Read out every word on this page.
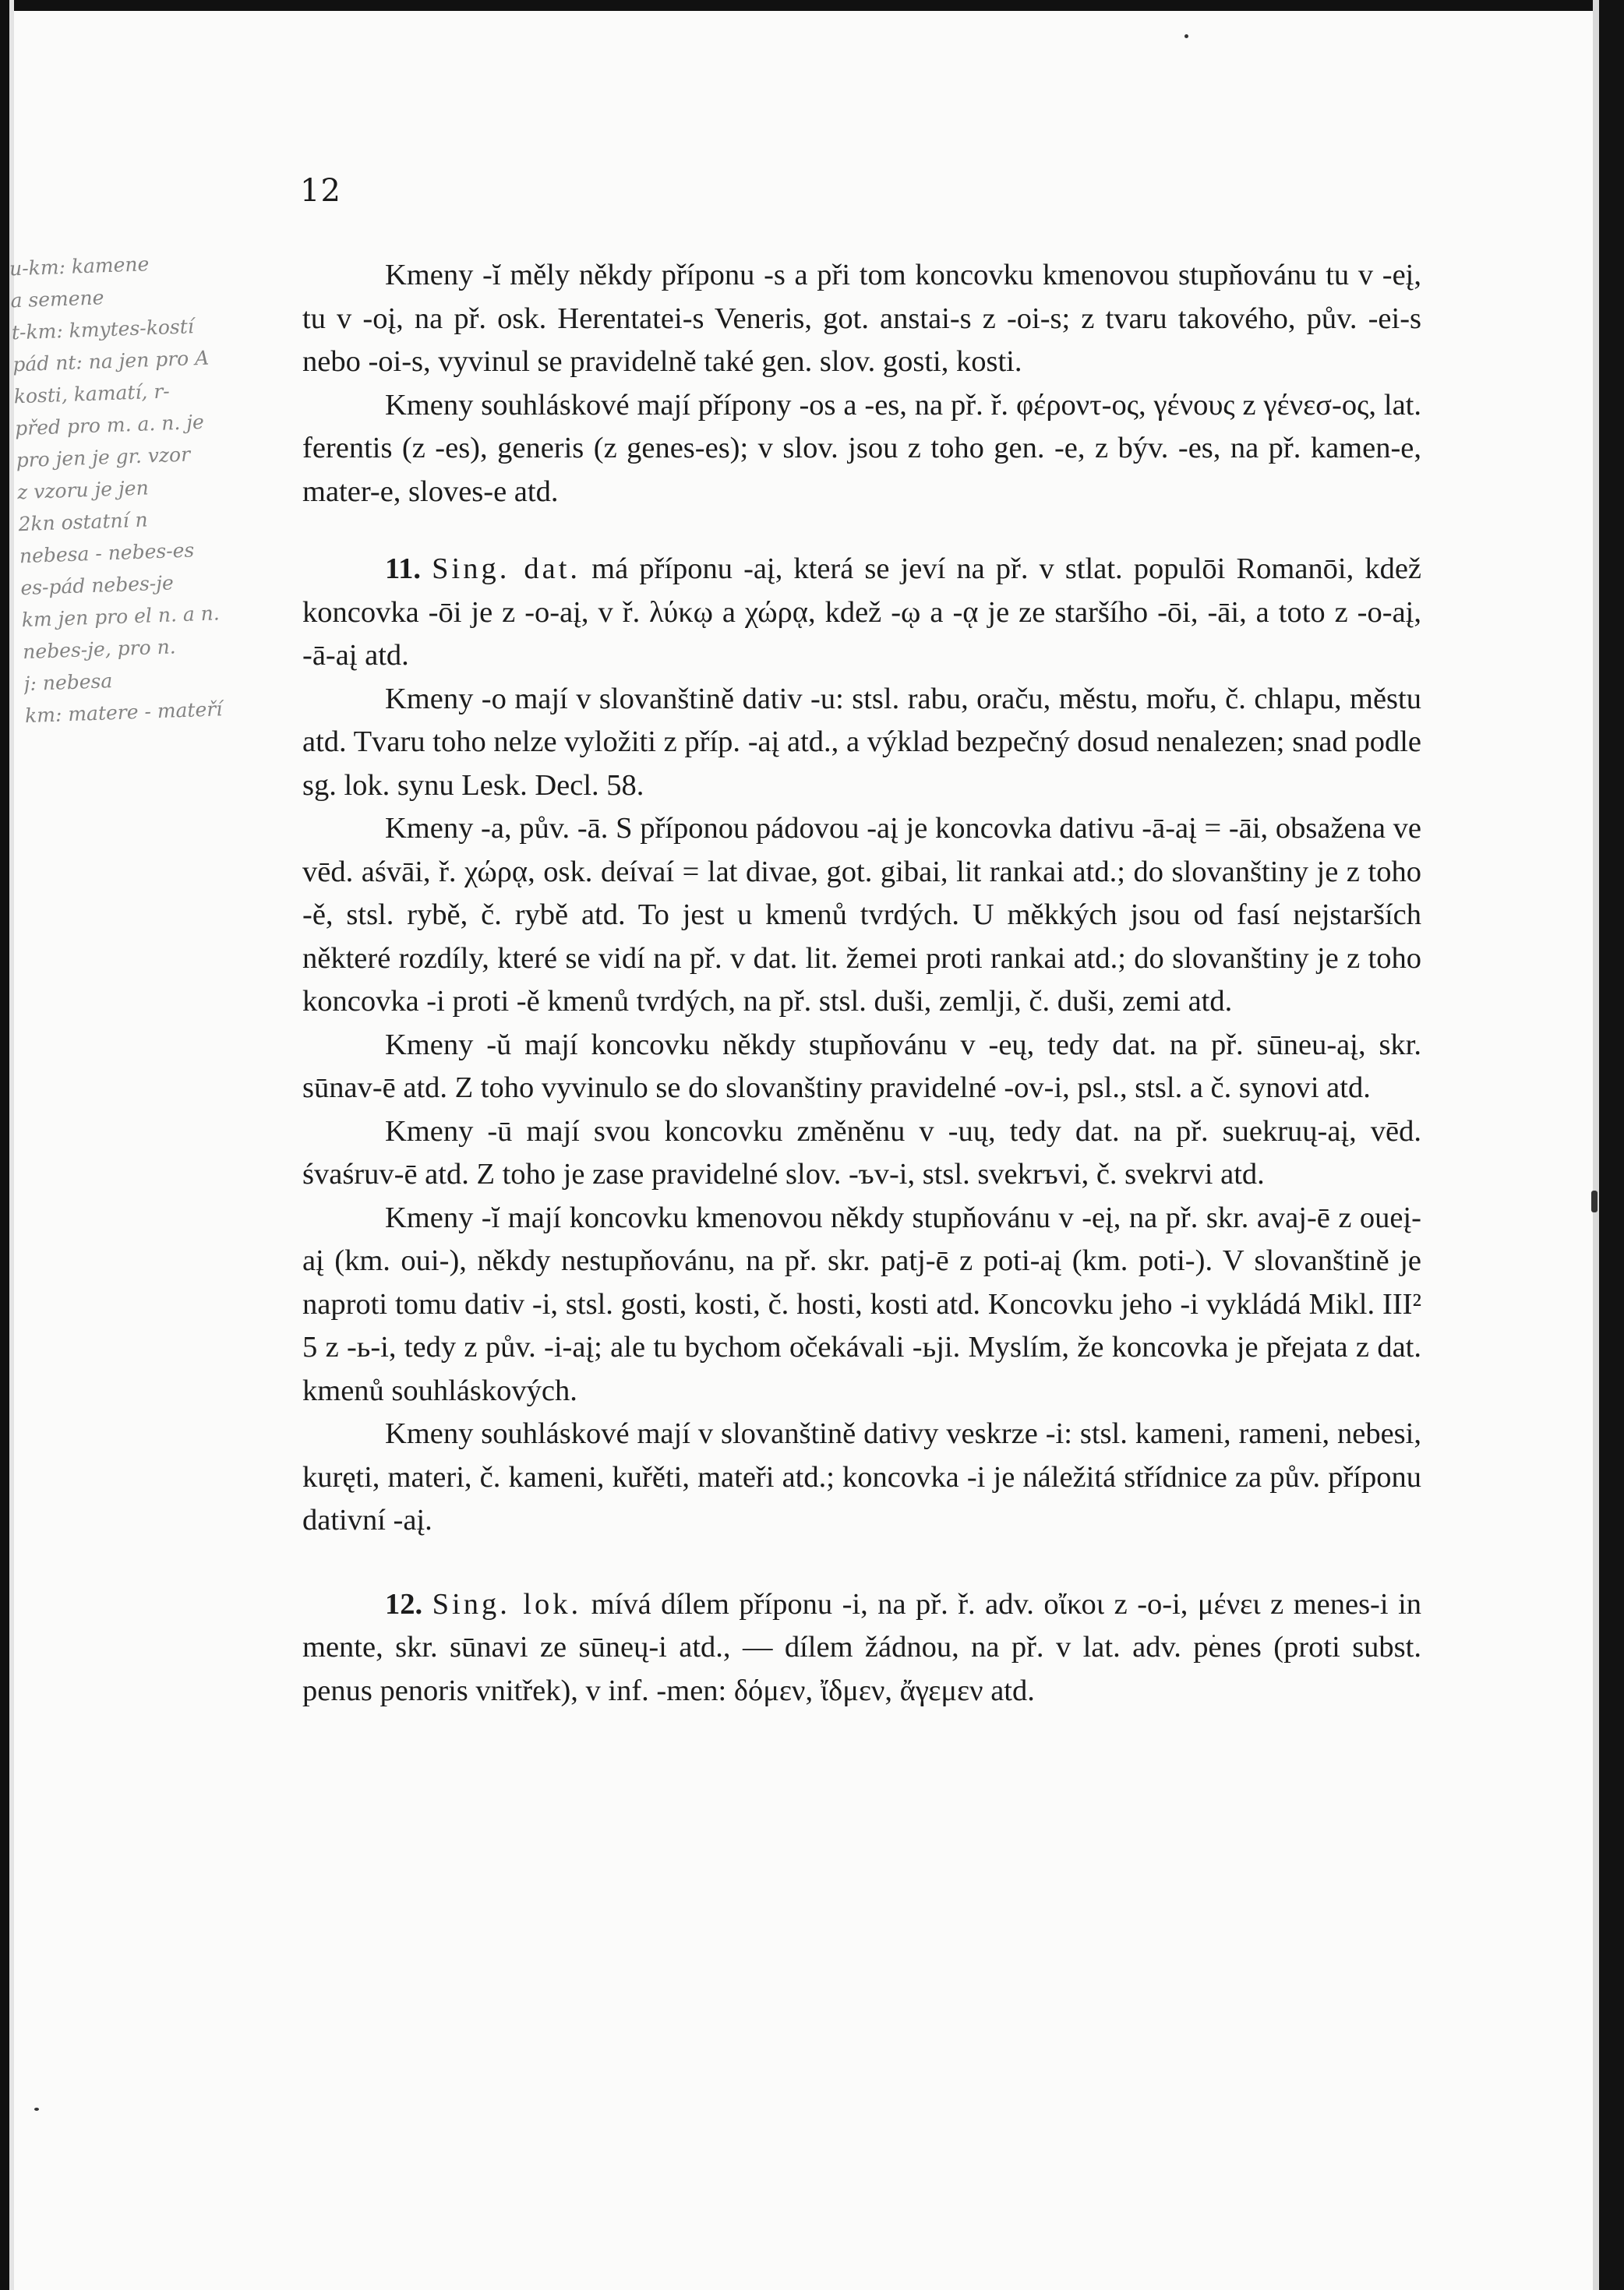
12
u-km: kamene
a semene
t-km: kmytes-kostí
pád nt: na jen pro A
kosti, kamatí, r-
před pro m. a. n. je
pro jen je gr. vzor
z vzoru je jen
2kn ostatní n
nebesa - nebes-es
es-pád nebes-je
km jen pro el n. a n.
nebes-je, pro n.
j: nebesa
km: matere - mateří

Kmeny -ĭ měly někdy příponu -s a při tom koncovku kmenovou stupňovánu tu v -eį, tu v -oį, na př. osk. Herentatei-s Veneris, got. anstai-s z -oi-s; z tvaru takového, pův. -ei-s nebo -oi-s, vyvinul se pravidelně také gen. slov. gosti, kosti.

Kmeny souhláskové mají přípony -os a -es, na př. ř. φέροντ-ος, γένους z γένεσ-ος, lat. ferentis (z -es), generis (z genes-es); v slov. jsou z toho gen. -e, z býv. -es, na př. kamen-e, mater-e, sloves-e atd.

11. Sing. dat. má příponu -aį, která se jeví na př. v stlat. populōi Romanōi, kdež koncovka -ōi je z -o-aį, v ř. λύκῳ a χώρᾳ, kdež -ῳ a -ᾳ je ze staršího -ōi, -āi, a toto z -o-aį, -ā-aį atd.

Kmeny -o mají v slovanštině dativ -u: stsl. rabu, oraču, městu, mořu, č. chlapu, městu atd. Tvaru toho nelze vyložiti z příp. -aį atd., a výklad bezpečný dosud nenalezen; snad podle sg. lok. synu Lesk. Decl. 58.

Kmeny -a, pův. -ā. S příponou pádovou -aį je koncovka dativu -ā-aį = -āi, obsažena ve vēd. aśvāi, ř. χώρᾳ, osk. deívaí = lat divae, got. gibai, lit rankai atd.; do slovanštiny je z toho -ě, stsl. rybě, č. rybě atd. To jest u kmenů tvrdých. U měkkých jsou od fasí nejstarších některé rozdíly, které se vidí na př. v dat. lit. žemei proti rankai atd.; do slovanštiny je z toho koncovka -i proti -ě kmenů tvrdých, na př. stsl. duši, zemlji, č. duši, zemi atd.

Kmeny -ŭ mají koncovku někdy stupňovánu v -eų, tedy dat. na př. sūneu-aį, skr. sūnav-ē atd. Z toho vyvinulo se do slovanštiny pravidelné -ov-i, psl., stsl. a č. synovi atd.

Kmeny -ū mají svou koncovku změněnu v -uų, tedy dat. na př. suekruų-aį, vēd. śvaśruv-ē atd. Z toho je zase pravidelné slov. -ъv-i, stsl. svekrъvi, č. svekrvi atd.

Kmeny -ĭ mají koncovku kmenovou někdy stupňovánu v -eį, na př. skr. avaj-ē z oueį-aį (km. oui-), někdy nestupňovánu, na př. skr. patj-ē z poti-aį (km. poti-). V slovanštině je naproti tomu dativ -i, stsl. gosti, kosti, č. hosti, kosti atd. Koncovku jeho -i vykládá Mikl. III² 5 z -ь-i, tedy z pův. -i-aį; ale tu bychom očekávali -ьji. Myslím, že koncovka je přejata z dat. kmenů souhláskových.

Kmeny souhláskové mají v slovanštině dativy veskrze -i: stsl. kameni, rameni, nebesi, kuręti, materi, č. kameni, kuřěti, mateři atd.; koncovka -i je náležitá střídnice za pův. příponu dativní -aį.

12. Sing. lok. mívá dílem příponu -i, na př. ř. adv. οἴκοι z -o-i, μένει z menes-i in mente, skr. sūnavi ze sūneų-i atd., — dílem žádnou, na př. v lat. adv. penes (proti subst. penus penoris vnitřek), v inf. -men: δόμεν, ἴδμεν, ἄγεμεν atd.
